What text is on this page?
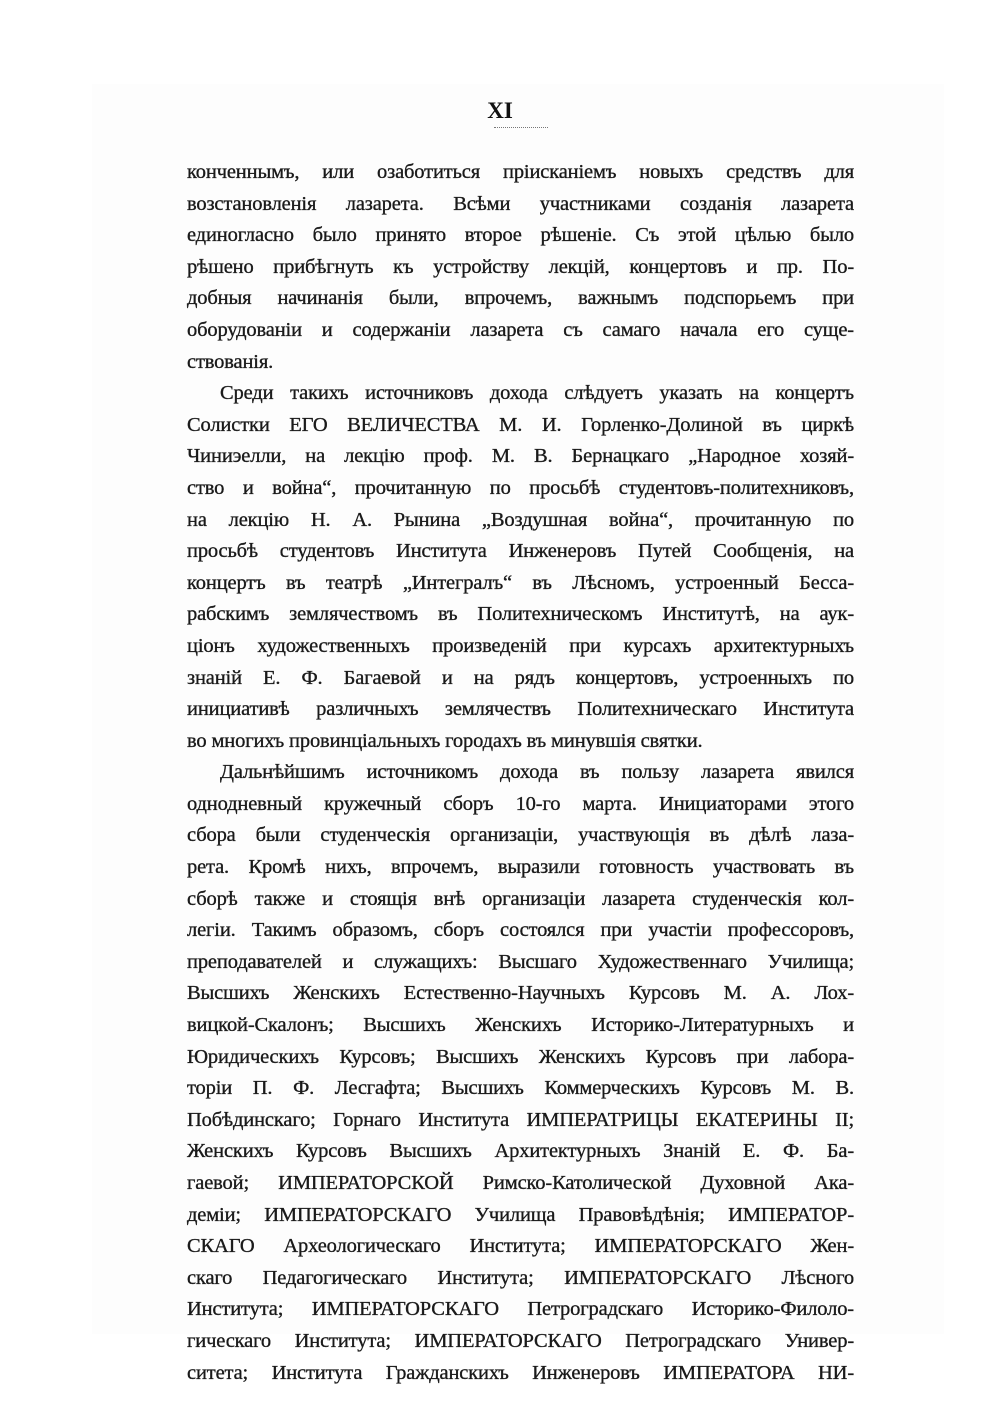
XI
конченнымъ, или озаботиться прiисканiемъ новыхъ средствъ для
возстановленiя лазарета. Всѣми участниками созданiя лазарета
единогласно было принято второе рѣшенiе. Съ этой цѣлью было
рѣшено прибѣгнуть къ устройству лекцiй, концертовъ и пр. По-
добныя начинанiя были, впрочемъ, важнымъ подспорьемъ при
оборудованiи и содержанiи лазарета съ самаго начала его суще-
ствованiя.
Среди такихъ источниковъ дохода слѣдуетъ указать на концертъ
Солистки ЕГО ВЕЛИЧЕСТВА М. И. Горленко-Долиной въ циркѣ
Чиниэелли, на лекцiю проф. М. В. Бернацкаго „Народное хозяй-
ство и война“, прочитанную по просьбѣ студентовъ-политехниковъ,
на лекцiю Н. А. Рынина „Воздушная война“, прочитанную по
просьбѣ студентовъ Института Инженеровъ Путей Сообщенiя, на
концертъ въ театрѣ „Интегралъ“ въ Лѣсномъ, устроенный Бесса-
рабскимъ землячествомъ въ Политехническомъ Институтѣ, на аук-
цiонъ художественныхъ произведенiй при курсахъ архитектурныхъ
знанiй Е. Ф. Багаевой и на рядъ концертовъ, устроенныхъ по
инициативѣ различныхъ землячествъ Политехническаго Института
во многихъ провинцiальныхъ городахъ въ минувшiя святки.
Дальнѣйшимъ источникомъ дохода въ пользу лазарета явился
однодневный кружечный сборъ 10-го марта. Инициаторами этого
сбора были студенческiя организацiи, участвующiя въ дѣлѣ лаза-
рета. Кромѣ нихъ, впрочемъ, выразили готовность участвовать въ
сборѣ также и стоящiя внѣ организацiи лазарета студенческiя кол-
легiи. Такимъ образомъ, сборъ состоялся при участiи профессоровъ,
преподавателей и служащихъ: Высшаго Художественнаго Училища;
Высшихъ Женскихъ Естественно-Научныхъ Курсовъ М. А. Лох-
вицкой-Скалонъ; Высшихъ Женскихъ Историко-Литературныхъ и
Юридическихъ Курсовъ; Высшихъ Женскихъ Курсовъ при лабора-
торiи П. Ф. Лесгафта; Высшихъ Коммерческихъ Курсовъ М. В.
Побѣдинскаго; Горнаго Института ИМПЕРАТРИЦЫ ЕКАТЕРИНЫ II;
Женскихъ Курсовъ Высшихъ Архитектурныхъ Знанiй Е. Ф. Ба-
гаевой; ИМПЕРАТОРСКОЙ Римско-Католической Духовной Ака-
демiи; ИМПЕРАТОРСКАГО Училища Правовѣдѣнiя; ИМПЕРАТОР-
СКАГО Археологическаго Института; ИМПЕРАТОРСКАГО Жен-
скаго Педагогическаго Института; ИМПЕРАТОРСКАГО Лѣсного
Института; ИМПЕРАТОРСКАГО Петроградскаго Историко-Филоло-
гическаго Института; ИМПЕРАТОРСКАГО Петроградскаго Универ-
ситета; Института Гражданскихъ Инженеровъ ИМПЕРАТОРА НИ-
